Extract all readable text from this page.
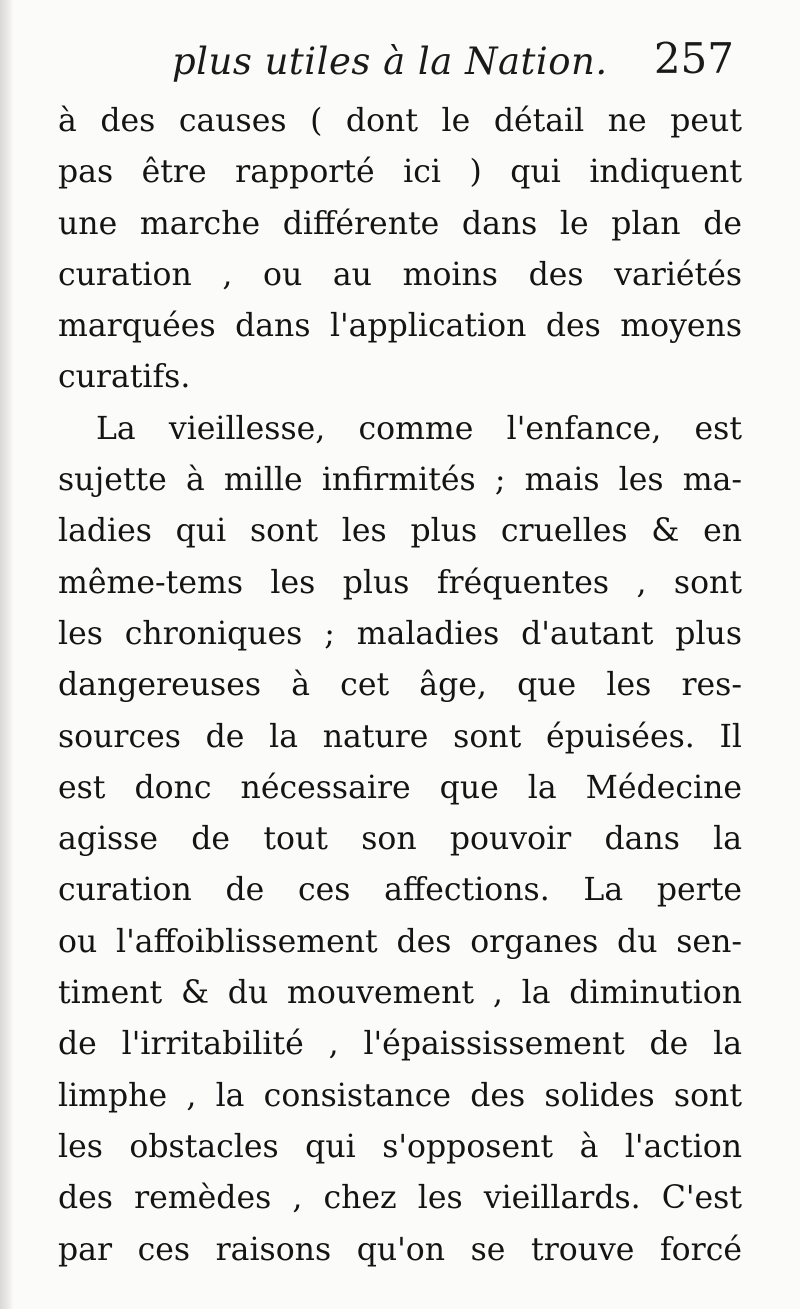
plus utiles à la Nation. 257
à des causes ( dont le détail ne peut
pas être rapporté ici ) qui indiquent
une marche différente dans le plan de
curation , ou au moins des variétés
marquées dans l'application des moyens
curatifs.
La vieillesse, comme l'enfance, est
sujette à mille infirmités ; mais les ma-
ladies qui sont les plus cruelles & en
même-tems les plus fréquentes , sont
les chroniques ; maladies d'autant plus
dangereuses à cet âge, que les res-
sources de la nature sont épuisées. Il
est donc nécessaire que la Médecine
agisse de tout son pouvoir dans la
curation de ces affections. La perte
ou l'affoiblissement des organes du sen-
timent & du mouvement , la diminution
de l'irritabilité , l'épaississement de la
limphe , la consistance des solides sont
les obstacles qui s'opposent à l'action
des remèdes , chez les vieillards. C'est
par ces raisons qu'on se trouve forcé
